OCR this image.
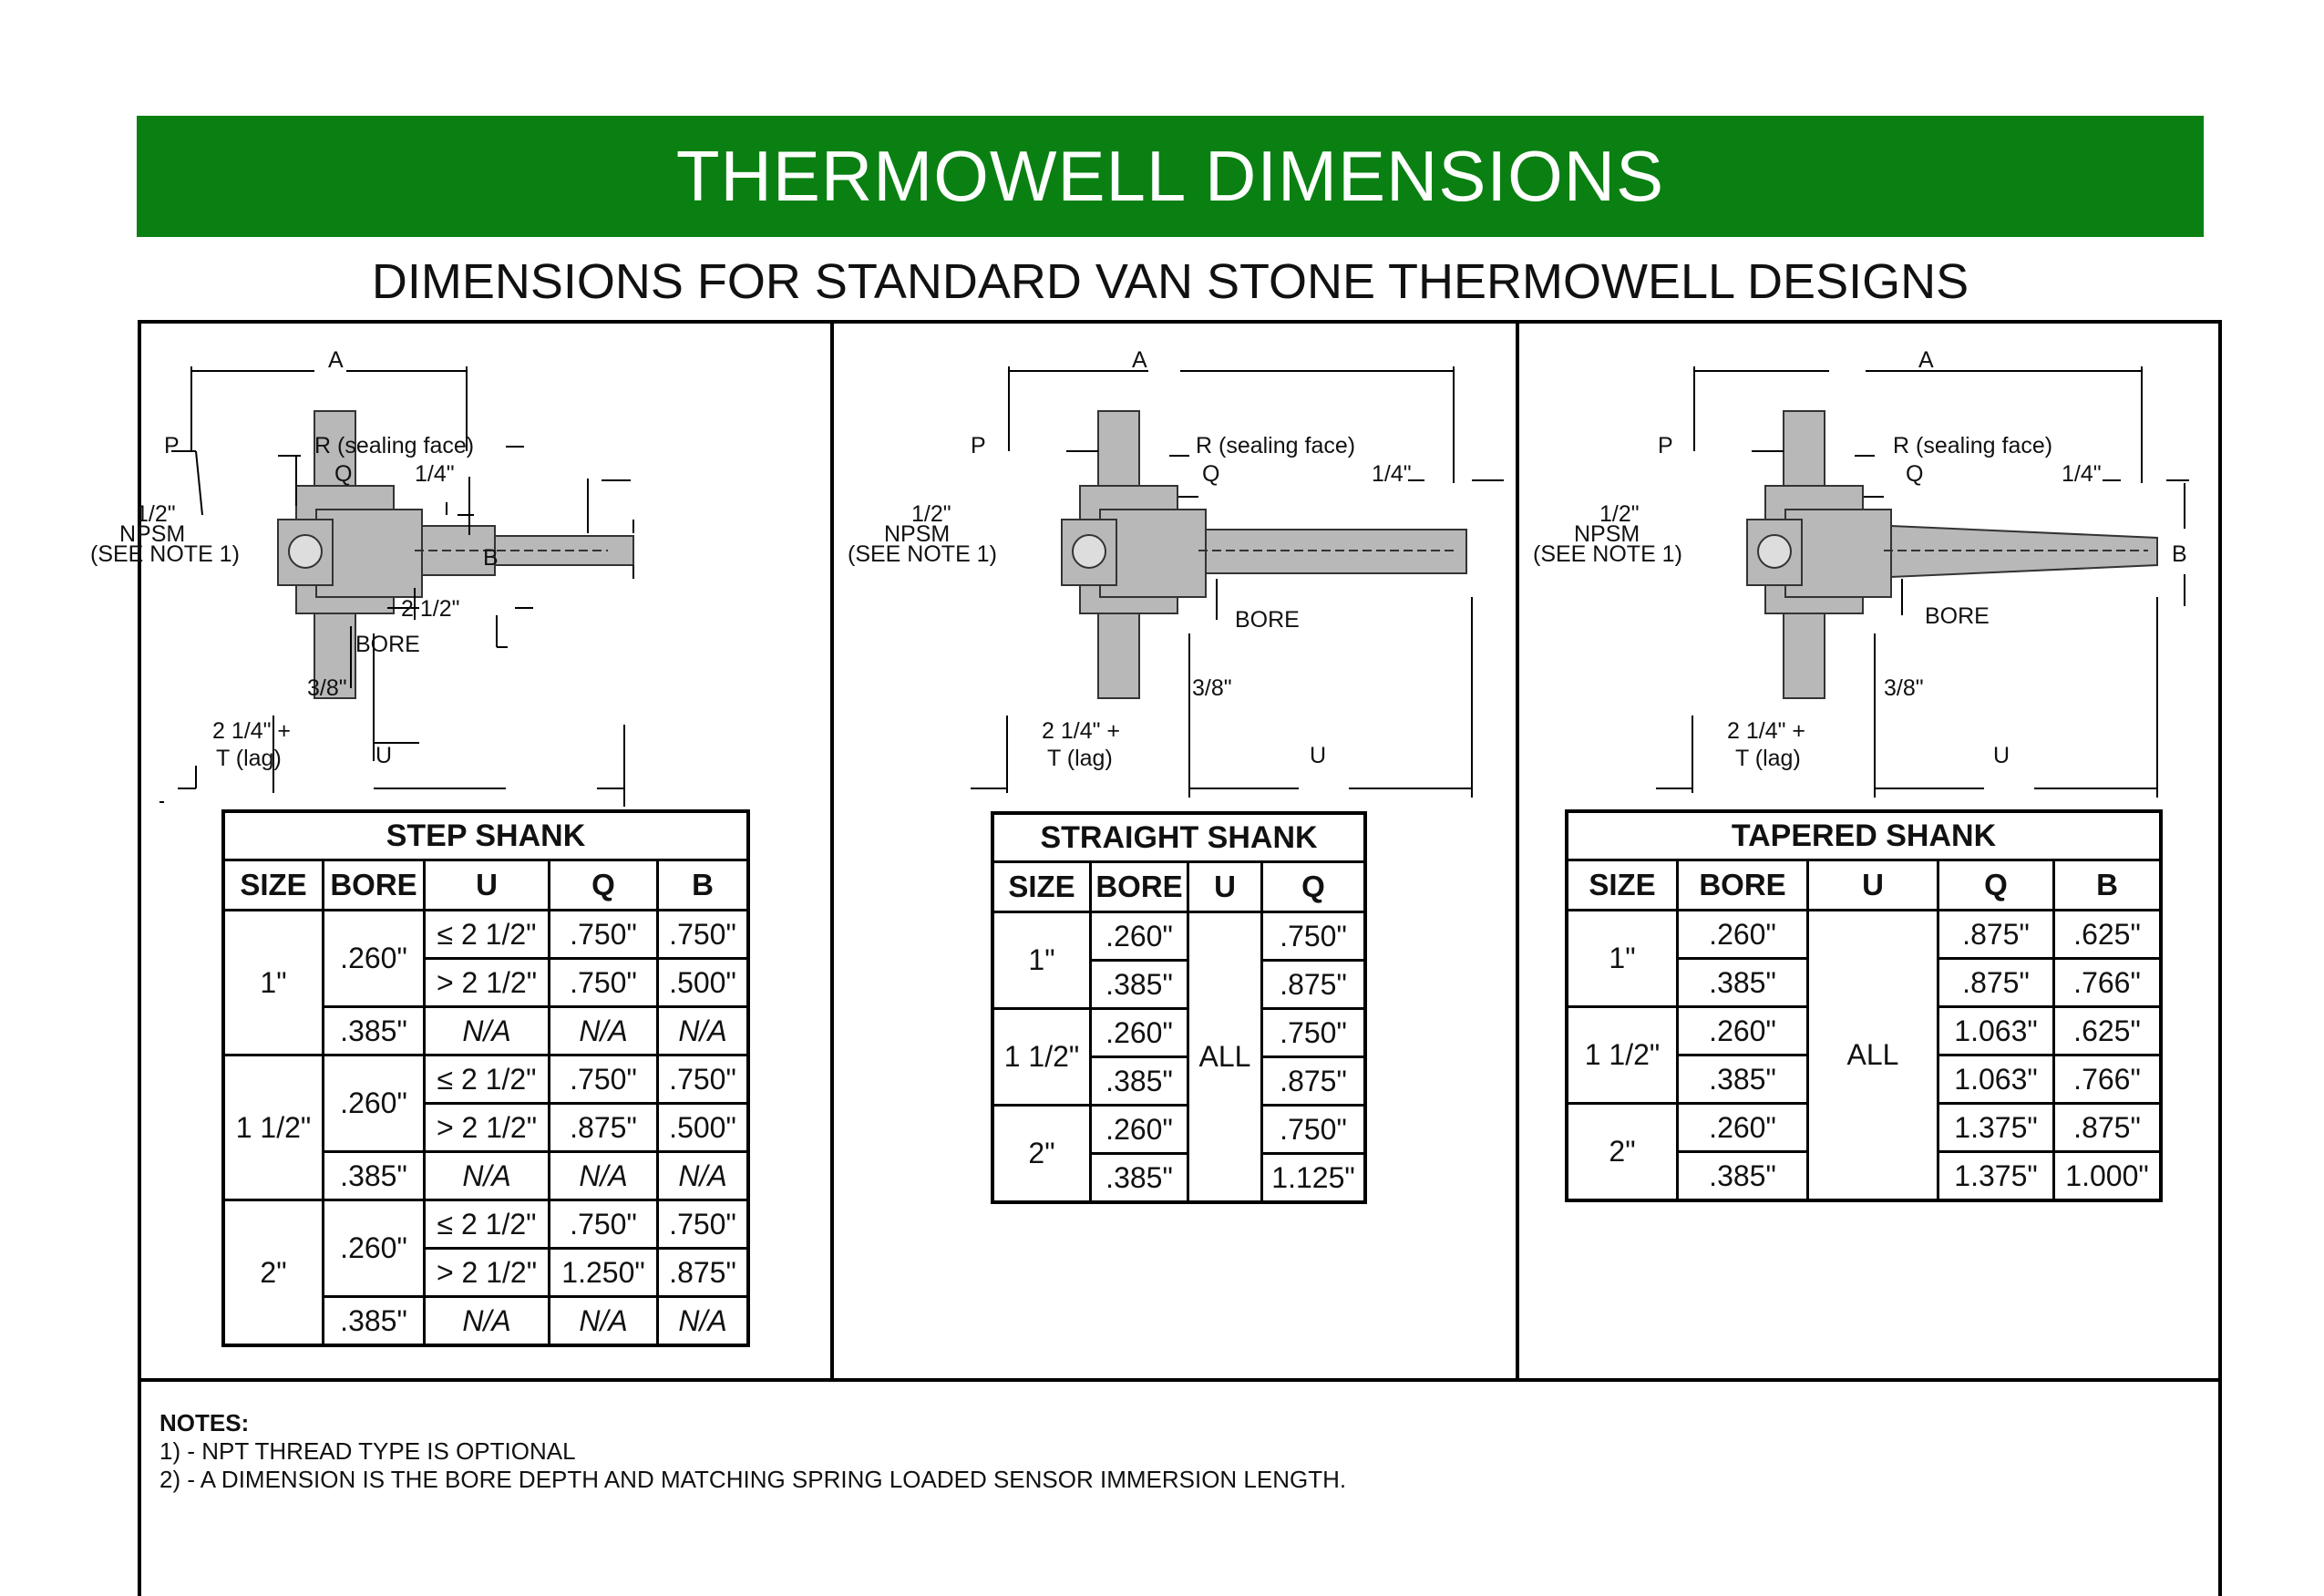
THERMOWELL DIMENSIONS
DIMENSIONS FOR STANDARD VAN STONE THERMOWELL DESIGNS
A
P	R (sealing face)
Q	1/4"
B
1/2"
NPSM
(SEE NOTE 1)
2 1/2"
BORE
3/8"
2 1/4" +
T (lag)	U
STEP SHANK				
SIZE	BORE	U	Q	B
1"	.260"	≤ 2 1/2"	.750"	.750"
		> 2 1/2"	.750"	.500"
	.385"	N/A	N/A	N/A
1 1/2"	.260"	≤ 2 1/2"	.750"	.750"
		> 2 1/2"	.875"	.500"
	.385"	N/A	N/A	N/A
2"	.260"	≤ 2 1/2"	.750"	.750"
		> 2 1/2"	1.250"	.875"
	.385"	N/A	N/A	N/A
A
P	R (sealing face)
Q	1/4"
1/2"
NPSM
(SEE NOTE 1)
BORE
3/8"
2 1/4" +
T (lag)	U
STRAIGHT SHANK			
SIZE	BORE	U	Q
1"	.260"	ALL	.750"
	.385"		.875"
1 1/2"	.260"		.750"
	.385"		.875"
2"	.260"		.750"
	.385"		1.125"
A
P	R (sealing face)
Q	1/4"
B
1/2"
NPSM
(SEE NOTE 1)
BORE
3/8"
2 1/4" +
T (lag)	U
TAPERED SHANK				
SIZE	BORE	U	Q	B
1"	.260"	ALL	.875"	.625"
	.385"		.875"	.766"
1 1/2"	.260"		1.063"	.625"
	.385"		1.063"	.766"
2"	.260"		1.375"	.875"
	.385"		1.375"	1.000"
NOTES:
1) - NPT THREAD TYPE IS OPTIONAL
2) - A DIMENSION IS THE BORE DEPTH AND MATCHING SPRING LOADED SENSOR IMMERSION LENGTH.
